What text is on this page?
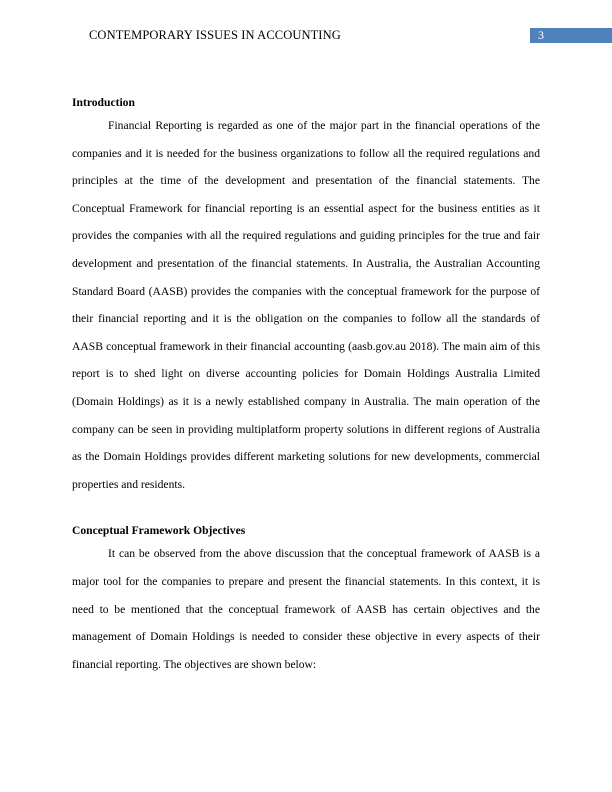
CONTEMPORARY ISSUES IN ACCOUNTING	3

Introduction

Financial Reporting is regarded as one of the major part in the financial operations of the companies and it is needed for the business organizations to follow all the required regulations and principles at the time of the development and presentation of the financial statements. The Conceptual Framework for financial reporting is an essential aspect for the business entities as it provides the companies with all the required regulations and guiding principles for the true and fair development and presentation of the financial statements. In Australia, the Australian Accounting Standard Board (AASB) provides the companies with the conceptual framework for the purpose of their financial reporting and it is the obligation on the companies to follow all the standards of AASB conceptual framework in their financial accounting (aasb.gov.au 2018). The main aim of this report is to shed light on diverse accounting policies for Domain Holdings Australia Limited (Domain Holdings) as it is a newly established company in Australia. The main operation of the company can be seen in providing multiplatform property solutions in different regions of Australia as the Domain Holdings provides different marketing solutions for new developments, commercial properties and residents.

Conceptual Framework Objectives

It can be observed from the above discussion that the conceptual framework of AASB is a major tool for the companies to prepare and present the financial statements. In this context, it is need to be mentioned that the conceptual framework of AASB has certain objectives and the management of Domain Holdings is needed to consider these objective in every aspects of their financial reporting. The objectives are shown below:
